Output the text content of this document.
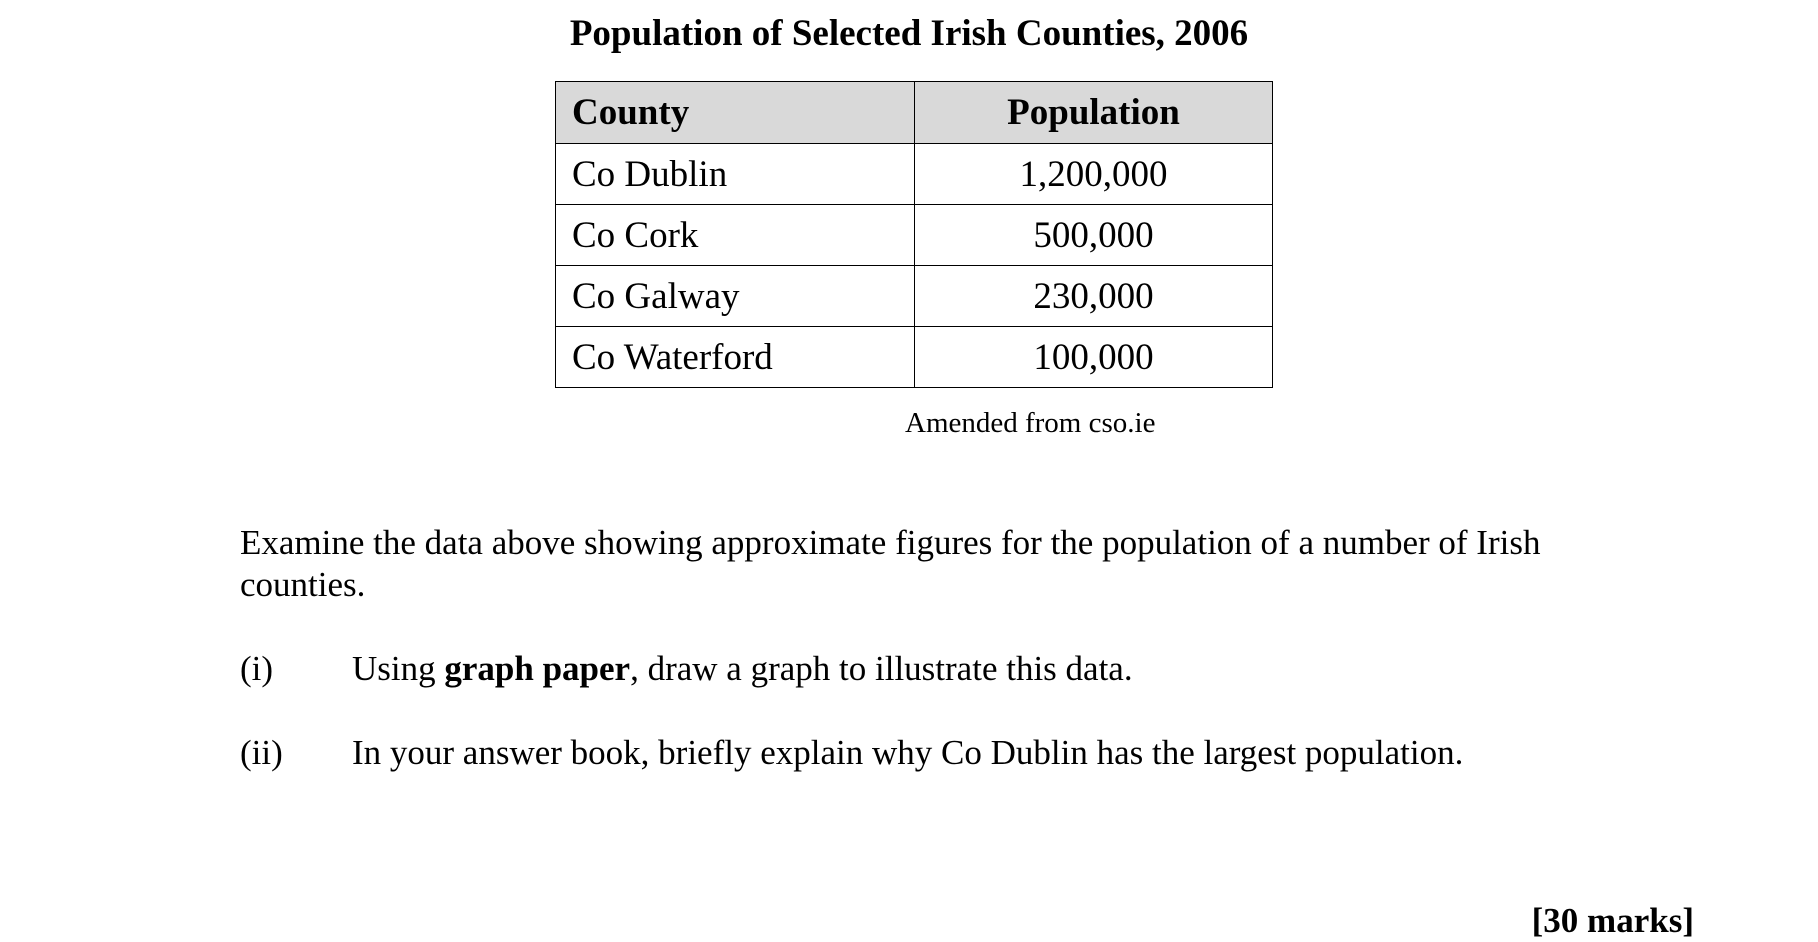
Population of Selected Irish Counties, 2006
County	Population
Co Dublin	1,200,000
Co Cork	500,000
Co Galway	230,000
Co Waterford	100,000
Amended from cso.ie

Examine the data above showing approximate figures for the population of a number of Irish counties.

(i) Using graph paper, draw a graph to illustrate this data.
(ii) In your answer book, briefly explain why Co Dublin has the largest population.
[30 marks]
